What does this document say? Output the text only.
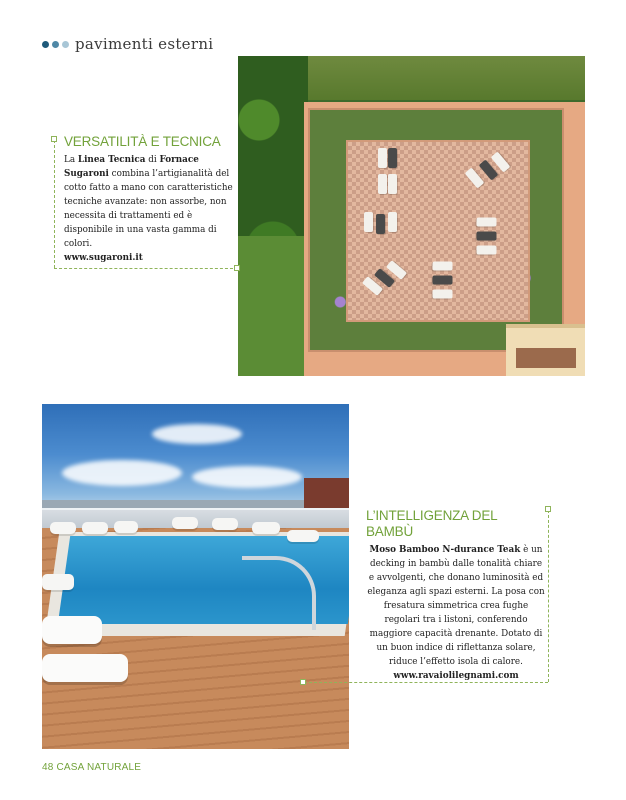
pavimenti esterni
VERSATILITÀ E TECNICA
La Linea Tecnica di Fornace Sugaroni combina l’artigianalità del cotto fatto a mano con caratteristiche tecniche avanzate: non assorbe, non necessita di trattamenti ed è disponibile in una vasta gamma di colori.
www.sugaroni.it
L’INTELLIGENZA DEL BAMBÙ
Moso Bamboo N-durance Teak è un decking in bambù dalle tonalità chiare e avvolgenti, che donano luminosità ed eleganza agli spazi esterni. La posa con fresatura simmetrica crea fughe regolari tra i listoni, conferendo maggiore capacità drenante. Dotato di un buon indice di riflettanza solare, riduce l’effetto isola di calore.
www.ravaiolilegnami.com
48 CASA NATURALE
